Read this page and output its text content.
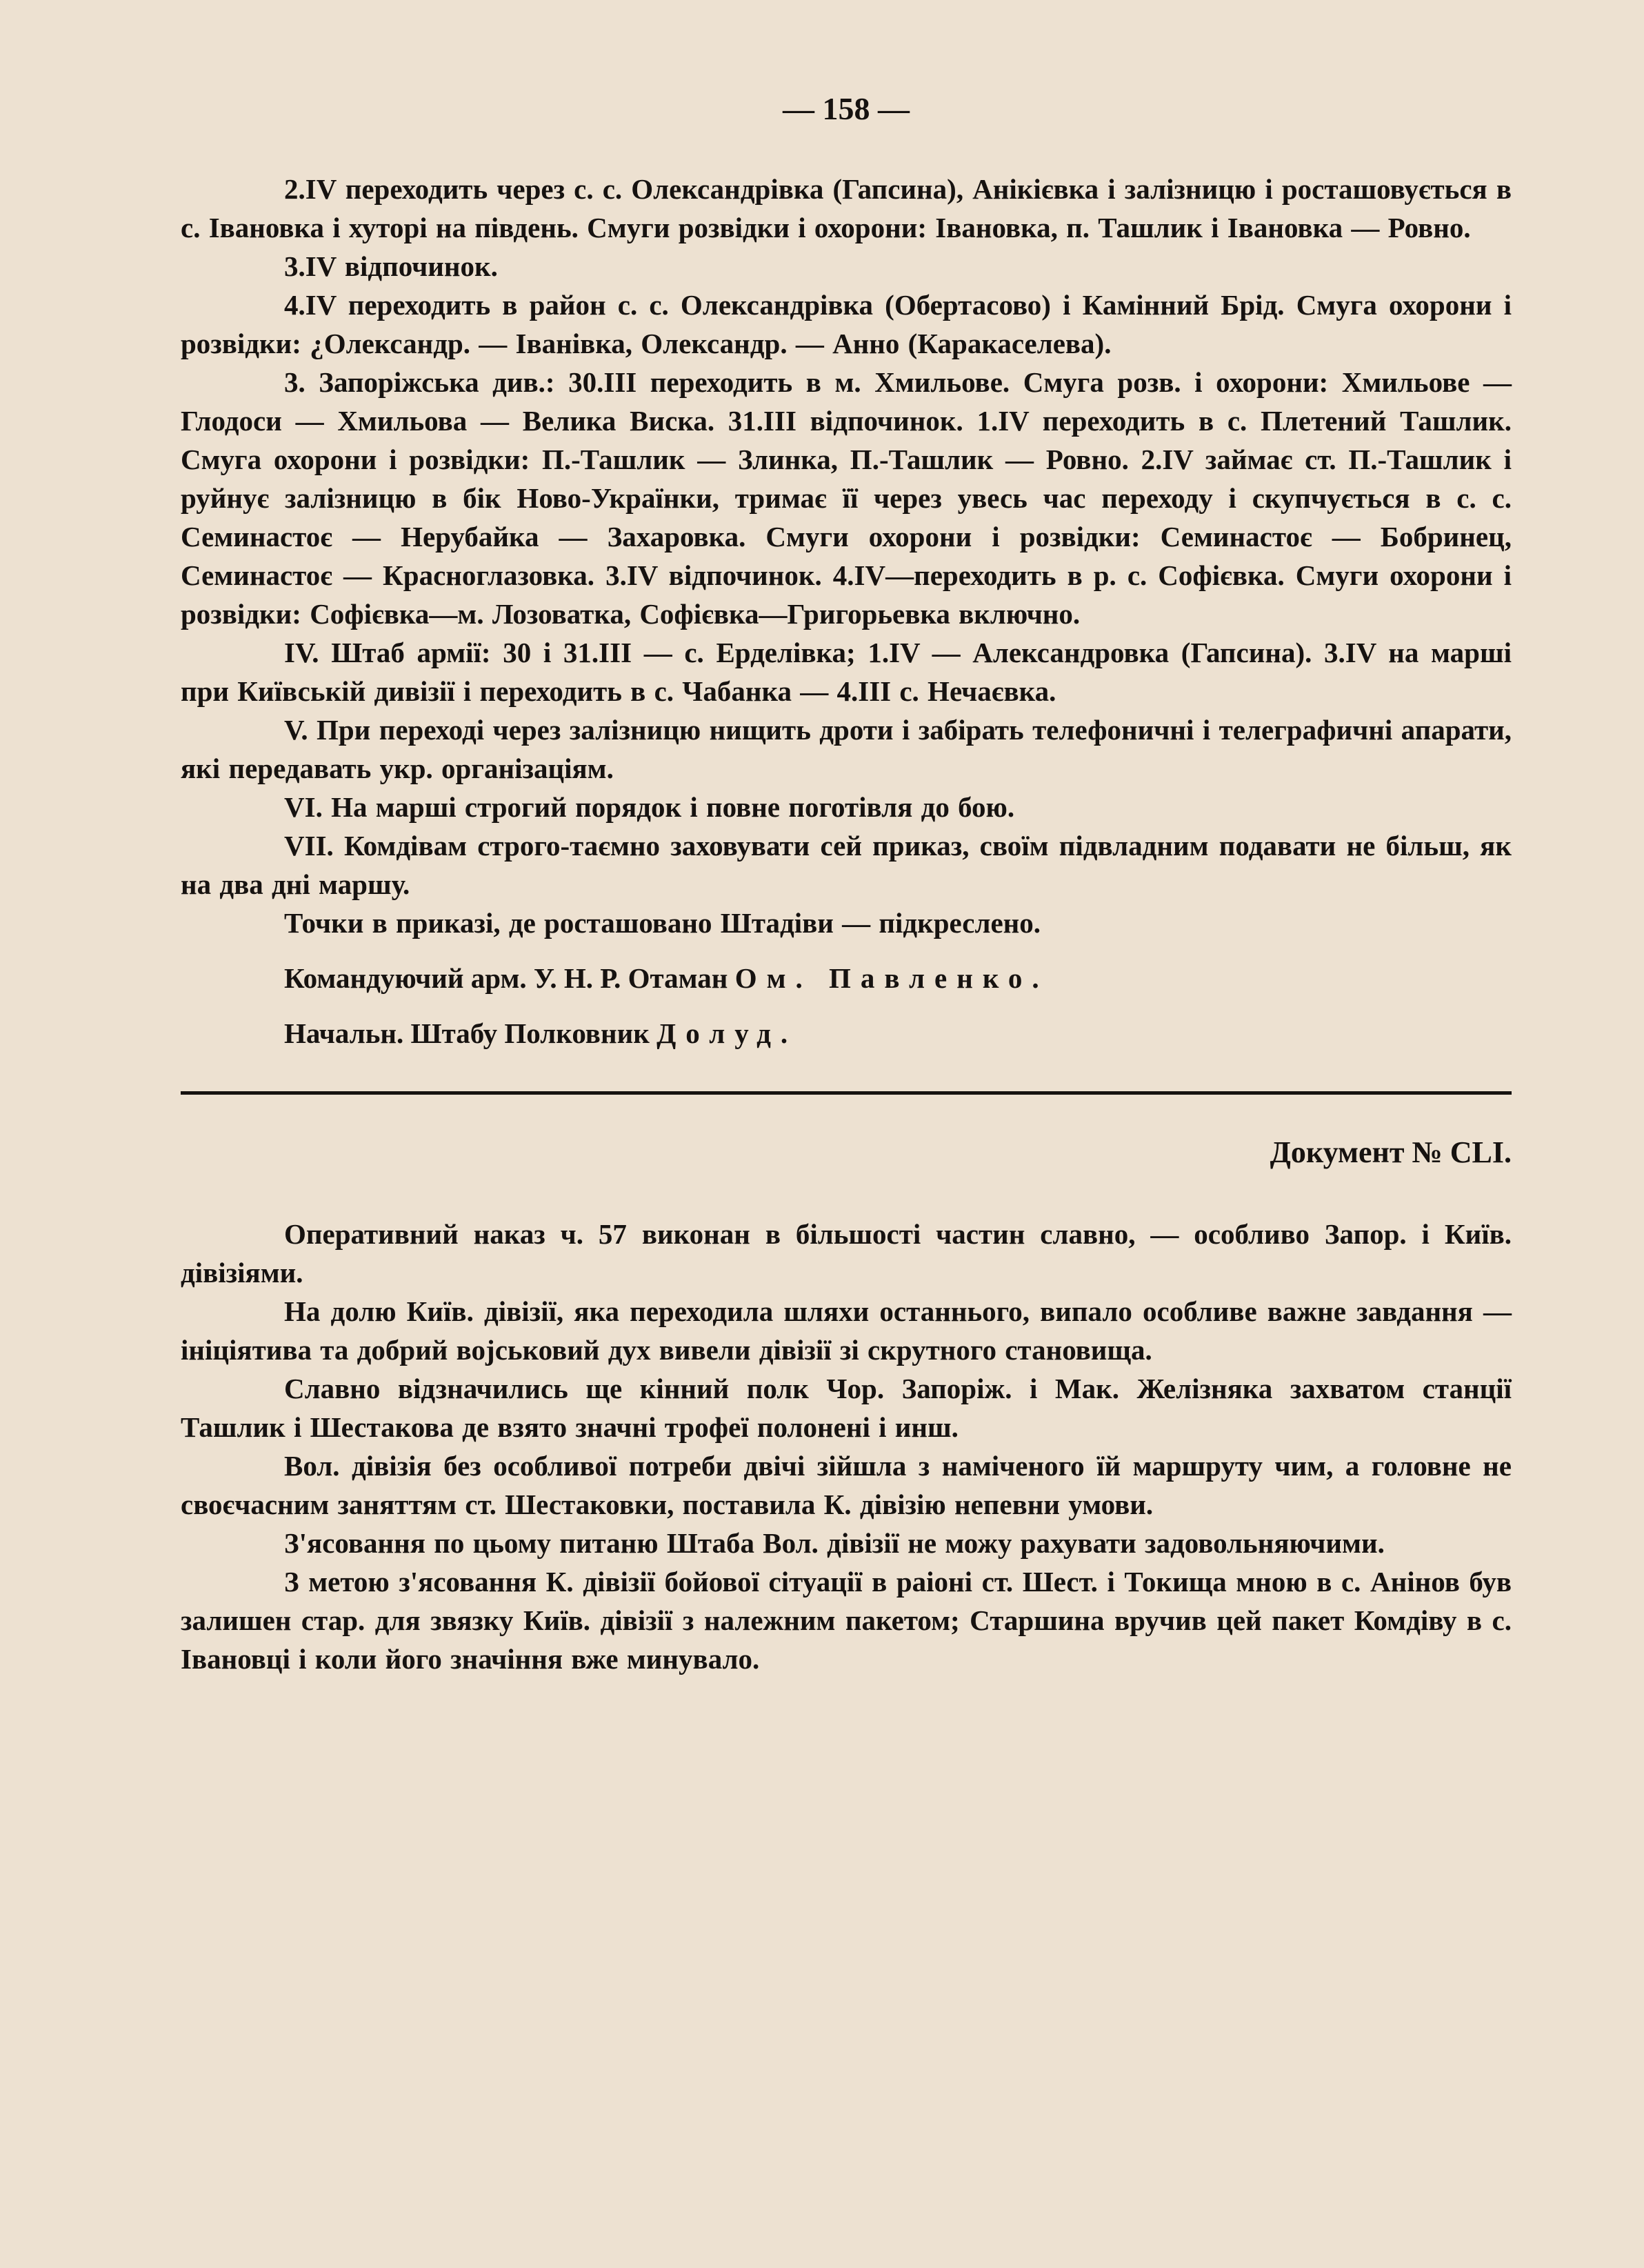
— 158 —

2.IV переходить через с. с. Олександрівка (Гапсина), Анікієвка і залізницю і росташовується в с. Івановка і хуторі на південь. Смуги розвідки і охорони: Івановка, п. Ташлик і Івановка — Ровно.

3.IV відпочинок.

4.IV переходить в район с. с. Олександрівка (Обертасово) і Камінний Брід. Смуга охорони і розвідки: ¿Олександр. — Іванівка, Олександр. — Анно (Каракаселева).

3. Запоріжська див.: 30.III переходить в м. Хмильове. Смуга розв. і охорони: Хмильове — Глодоси — Хмильова — Велика Виска. 31.III відпочинок. 1.IV переходить в с. Плетений Ташлик. Смуга охорони і розвідки: П.-Ташлик — Злинка, П.-Ташлик — Ровно. 2.IV займає ст. П.-Ташлик і руйнує залізницю в бік Ново-Українки, тримає її через увесь час переходу і скупчується в с. с. Семинастоє — Нерубайка — Захаровка. Смуги охорони і розвідки: Семинастоє — Бобринец, Семинастоє — Красноглазовка. 3.IV відпочинок. 4.IV—переходить в р. с. Софієвка. Смуги охорони і розвідки: Софієвка—м. Лозоватка, Софієвка—Григорьевка включно.

IV. Штаб армії: 30 і 31.III — с. Ерделівка; 1.IV — Александровка (Гапсина). 3.IV на марші при Київській дивізії і переходить в с. Чабанка — 4.III с. Нечаєвка.

V. При переході через залізницю нищить дроти і забірать телефоничні і телеграфичні апарати, які передавать укр. організаціям.

VI. На марші строгий порядок і повне поготівля до бою.

VII. Комдівам строго-таємно заховувати сей приказ, своїм підвладним подавати не більш, як на два дні маршу.

Точки в приказі, де росташовано Штадіви — підкреслено.

Командуючий арм. У. Н. Р. Отаман Ом. Павленко.
Начальн. Штабу Полковник Долуд.
Документ № CLI.

Оперативний наказ ч. 57 виконан в більшості частин славно, — особливо Запор. і Київ. дівізіями.

На долю Київ. дівізії, яка переходила шляхи останнього, випало особливе важне завдання — ініціятива та добрий војськовий дух вивели дівізії зі скрутного становища.

Славно відзначились ще кінний полк Чор. Запоріж. і Мак. Желізняка захватом станції Ташлик і Шестакова де взято значні трофеї полонені і инш.

Вол. дівізія без особливої потреби двічі зійшла з наміченого їй маршруту чим, а головне не своєчасним заняттям ст. Шестаковки, поставила К. дівізію непевни умови.

З'ясовання по цьому питаню Штаба Вол. дівізії не можу рахувати задовольняючими.

З метою з'ясовання К. дівізії бойової сітуації в раіоні ст. Шест. і Токища мною в с. Анінов був залишен стар. для звязку Київ. дівізії з належним пакетом; Старшина вручив цей пакет Комдіву в с. Івановці і коли його значіння вже минувало.
